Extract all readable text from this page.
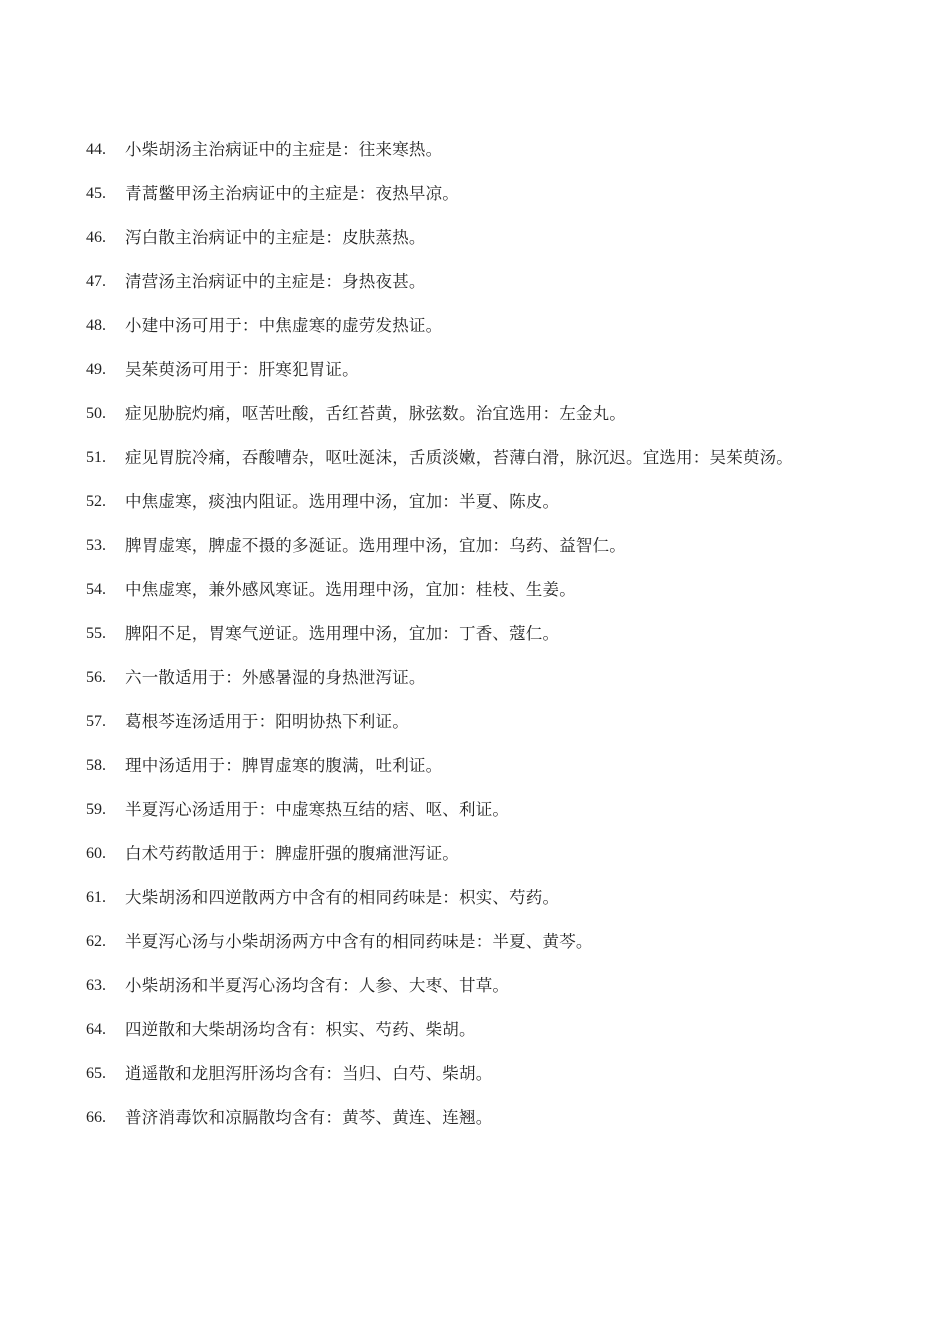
44.	小柴胡汤主治病证中的主症是：往来寒热。
45.	青蒿鳖甲汤主治病证中的主症是：夜热早凉。
46.	泻白散主治病证中的主症是：皮肤蒸热。
47.	清营汤主治病证中的主症是：身热夜甚。
48.	小建中汤可用于：中焦虚寒的虚劳发热证。
49.	吴茱萸汤可用于：肝寒犯胃证。
50.	症见胁脘灼痛，呕苦吐酸，舌红苔黄，脉弦数。治宜选用：左金丸。
51.	症见胃脘冷痛，吞酸嘈杂，呕吐涎沫，舌质淡嫩，苔薄白滑，脉沉迟。宜选用：吴茱萸汤。
52.	中焦虚寒，痰浊内阻证。选用理中汤，宜加：半夏、陈皮。
53.	脾胃虚寒，脾虚不摄的多涎证。选用理中汤，宜加：乌药、益智仁。
54.	中焦虚寒，兼外感风寒证。选用理中汤，宜加：桂枝、生姜。
55.	脾阳不足，胃寒气逆证。选用理中汤，宜加：丁香、蔻仁。
56.	六一散适用于：外感暑湿的身热泄泻证。
57.	葛根芩连汤适用于：阳明协热下利证。
58.	理中汤适用于：脾胃虚寒的腹满，吐利证。
59.	半夏泻心汤适用于：中虚寒热互结的痞、呕、利证。
60.	白术芍药散适用于：脾虚肝强的腹痛泄泻证。
61.	大柴胡汤和四逆散两方中含有的相同药味是：枳实、芍药。
62.	半夏泻心汤与小柴胡汤两方中含有的相同药味是：半夏、黄芩。
63.	小柴胡汤和半夏泻心汤均含有：人参、大枣、甘草。
64.	四逆散和大柴胡汤均含有：枳实、芍药、柴胡。
65.	逍遥散和龙胆泻肝汤均含有：当归、白芍、柴胡。
66.	普济消毒饮和凉膈散均含有：黄芩、黄连、连翘。
